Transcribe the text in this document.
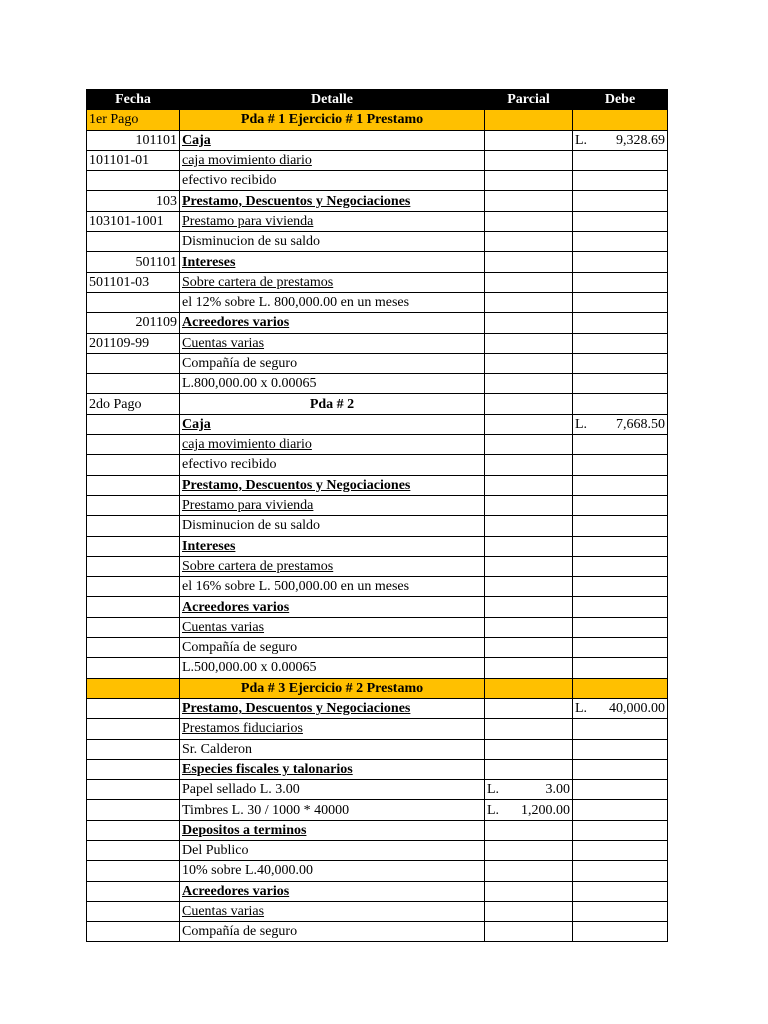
Fecha	Detalle	Parcial	Debe
1er Pago	Pda # 1 Ejercicio # 1 Prestamo		
101101	Caja		L. 9,328.69

101101-01	caja movimiento diario		
	efectivo recibido		
103	Prestamo, Descuentos y Negociaciones		
103101-1001	Prestamo para vivienda		
	Disminucion de su saldo		
501101	Intereses		
501101-03	Sobre cartera de prestamos		
	el 12% sobre L. 800,000.00 en un meses		
201109	Acreedores varios		
201109-99	Cuentas varias		
	Compañía de seguro		
	L.800,000.00 x 0.00065		
2do Pago	Pda # 2		
	Caja		L. 7,668.50

	caja movimiento diario		
	efectivo recibido		
	Prestamo, Descuentos y Negociaciones		
	Prestamo para vivienda		
	Disminucion de su saldo		
	Intereses		
	Sobre cartera de prestamos		
	el 16% sobre L. 500,000.00 en un meses		
	Acreedores varios		
	Cuentas varias		
	Compañía de seguro		
	L.500,000.00 x 0.00065		
	Pda # 3 Ejercicio # 2 Prestamo		
	Prestamo, Descuentos y Negociaciones		L. 40,000.00

	Prestamos fiduciarios		
	Sr. Calderon		
	Especies fiscales y talonarios		
	Papel sellado L. 3.00	L. 3.00	

	Timbres L. 30 / 1000 * 40000	L. 1,200.00	

	Depositos a terminos		
	Del Publico		
	10% sobre L.40,000.00		
	Acreedores varios		
	Cuentas varias		
	Compañía de seguro		
